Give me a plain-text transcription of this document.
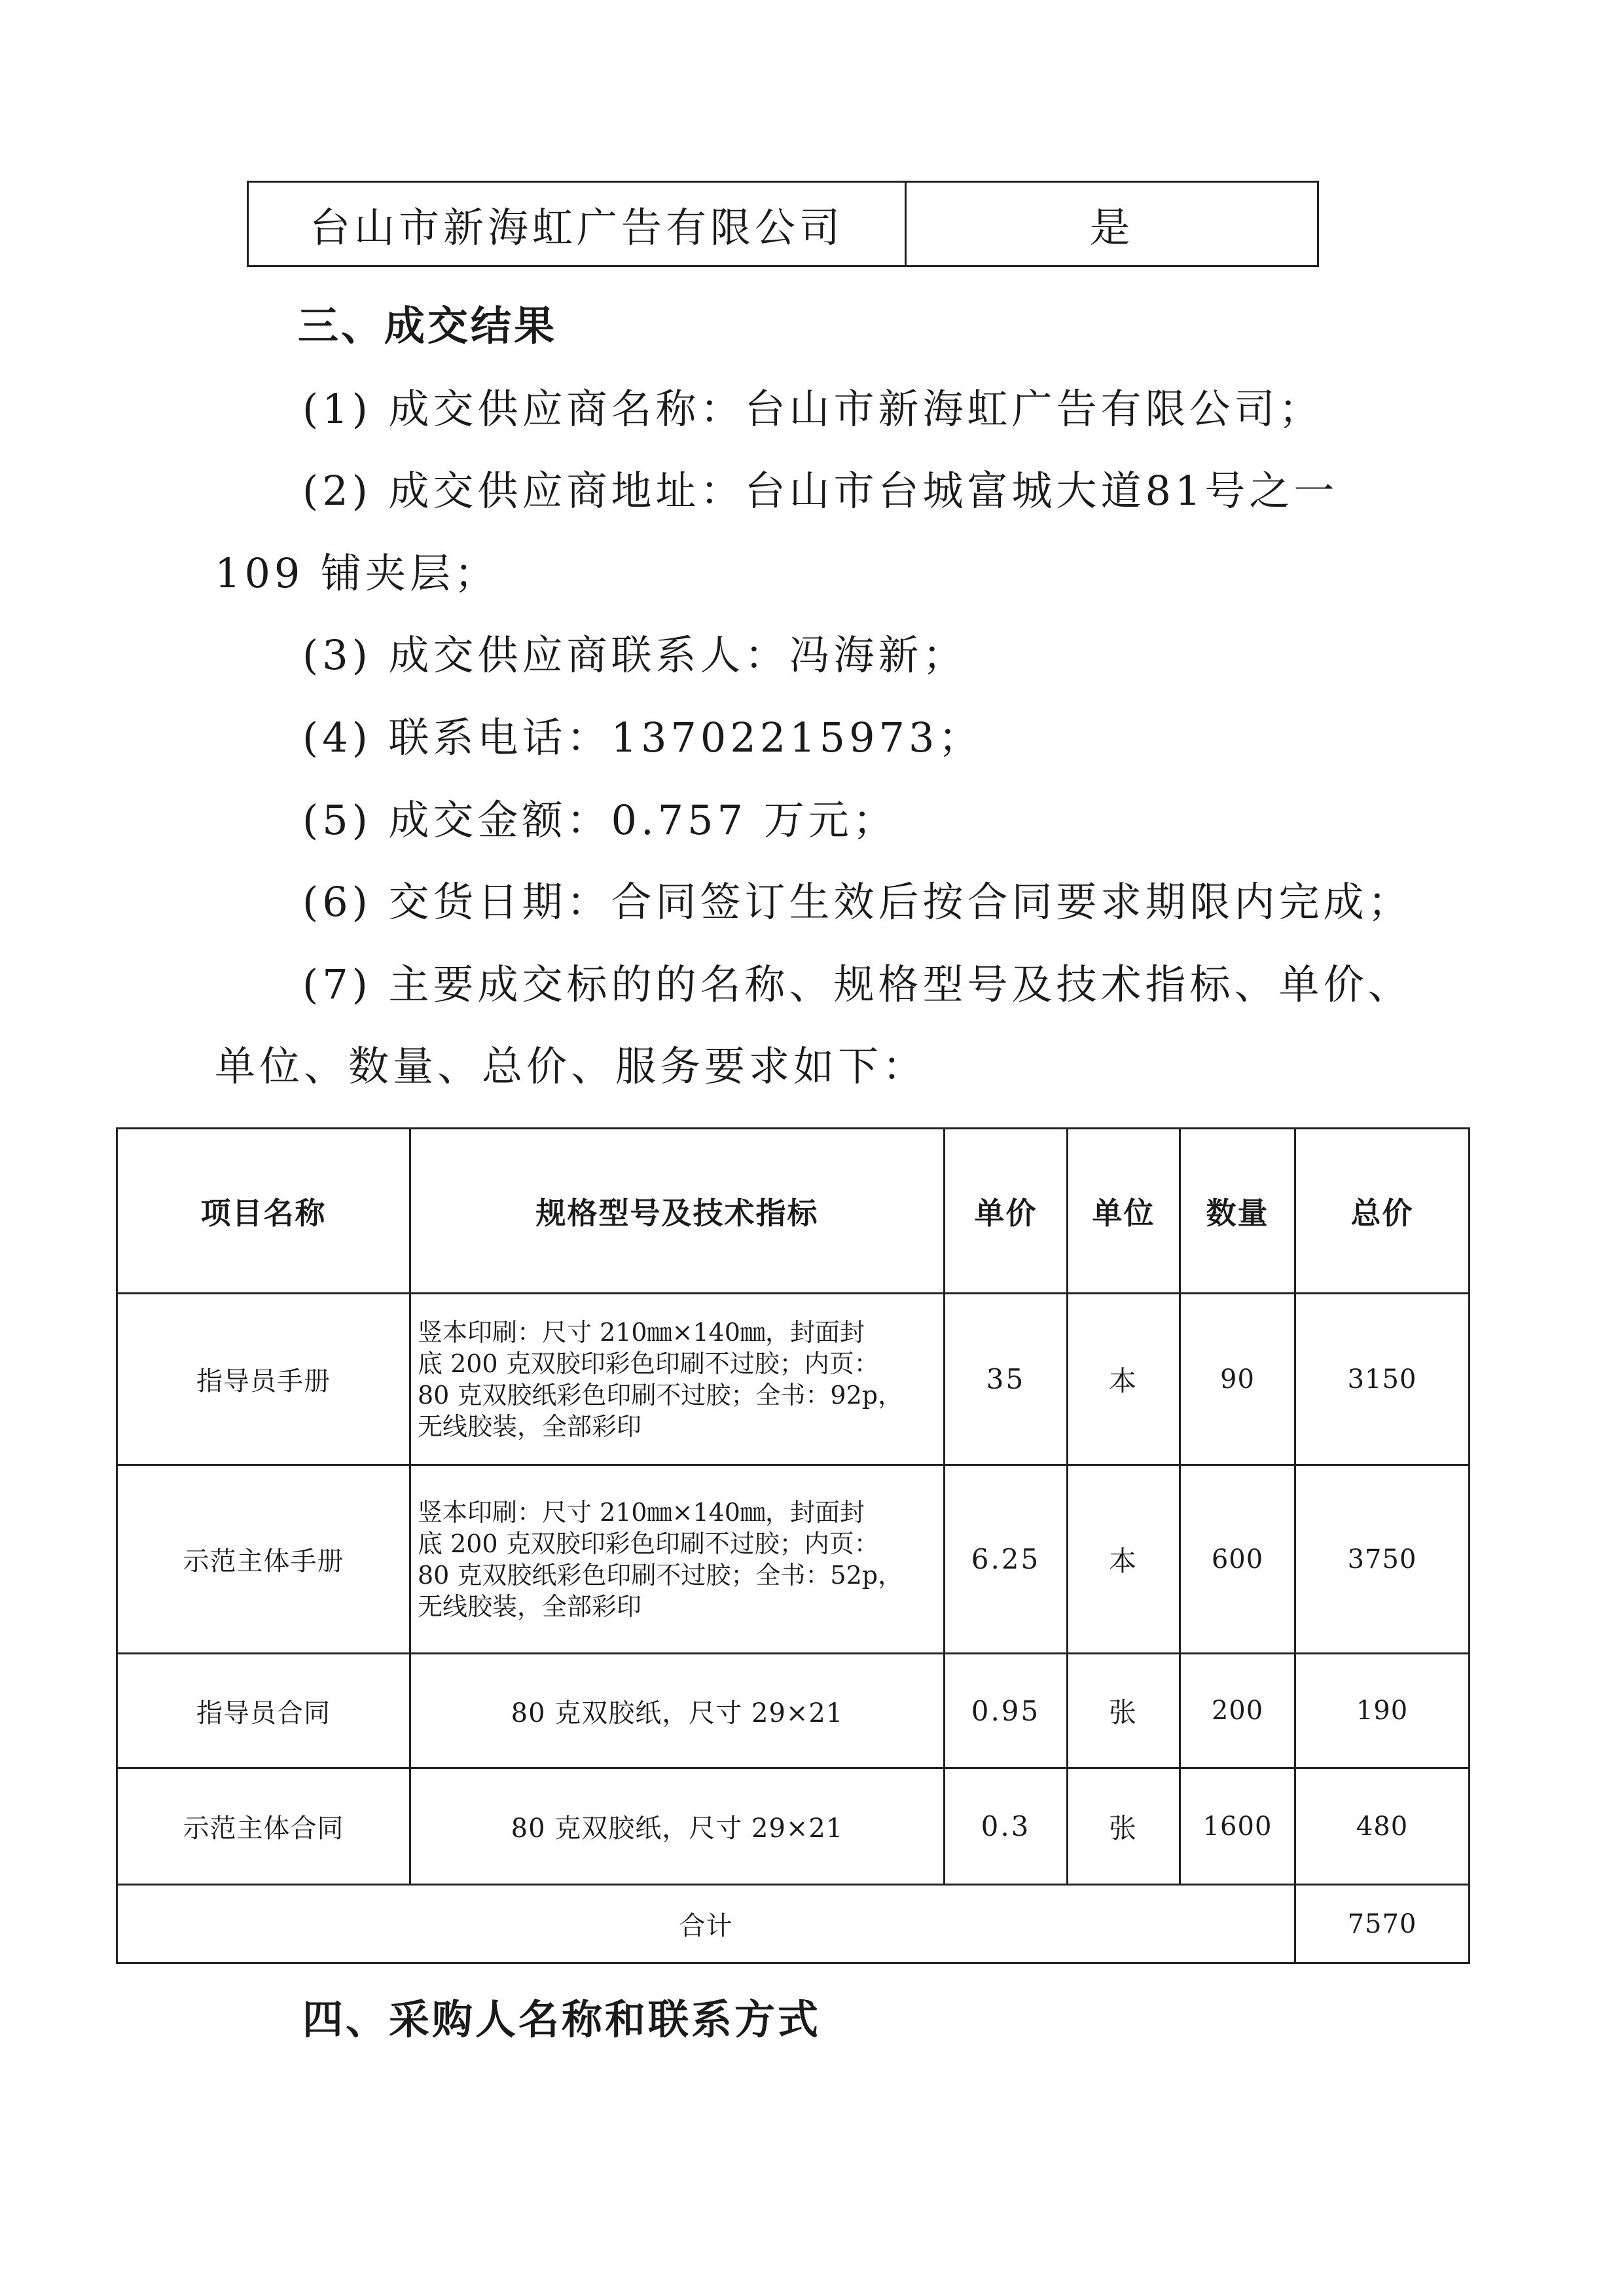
台山市新海虹广告有限公司	是
三、成交结果
(1) 成交供应商名称：台山市新海虹广告有限公司；
(2) 成交供应商地址：台山市台城富城大道81号之一
109 铺夹层；
(3) 成交供应商联系人：冯海新；
(4) 联系电话：13702215973；
(5) 成交金额：0.757 万元；
(6) 交货日期：合同签订生效后按合同要求期限内完成；
(7) 主要成交标的的名称、规格型号及技术指标、单价、
单位、数量、总价、服务要求如下：
项目名称	规格型号及技术指标	单价	单位	数量	总价
指导员手册	竖本印刷：尺寸 210㎜×140㎜，封面封
底 200 克双胶印彩色印刷不过胶；内页：
80 克双胶纸彩色印刷不过胶；全书：92p，
无线胶装，全部彩印	35	本	90	3150
示范主体手册	竖本印刷：尺寸 210㎜×140㎜，封面封
底 200 克双胶印彩色印刷不过胶；内页：
80 克双胶纸彩色印刷不过胶；全书：52p，
无线胶装，全部彩印	6.25	本	600	3750
指导员合同	80 克双胶纸，尺寸 29×21	0.95	张	200	190
示范主体合同	80 克双胶纸，尺寸 29×21	0.3	张	1600	480
合计					7570
四、采购人名称和联系方式
